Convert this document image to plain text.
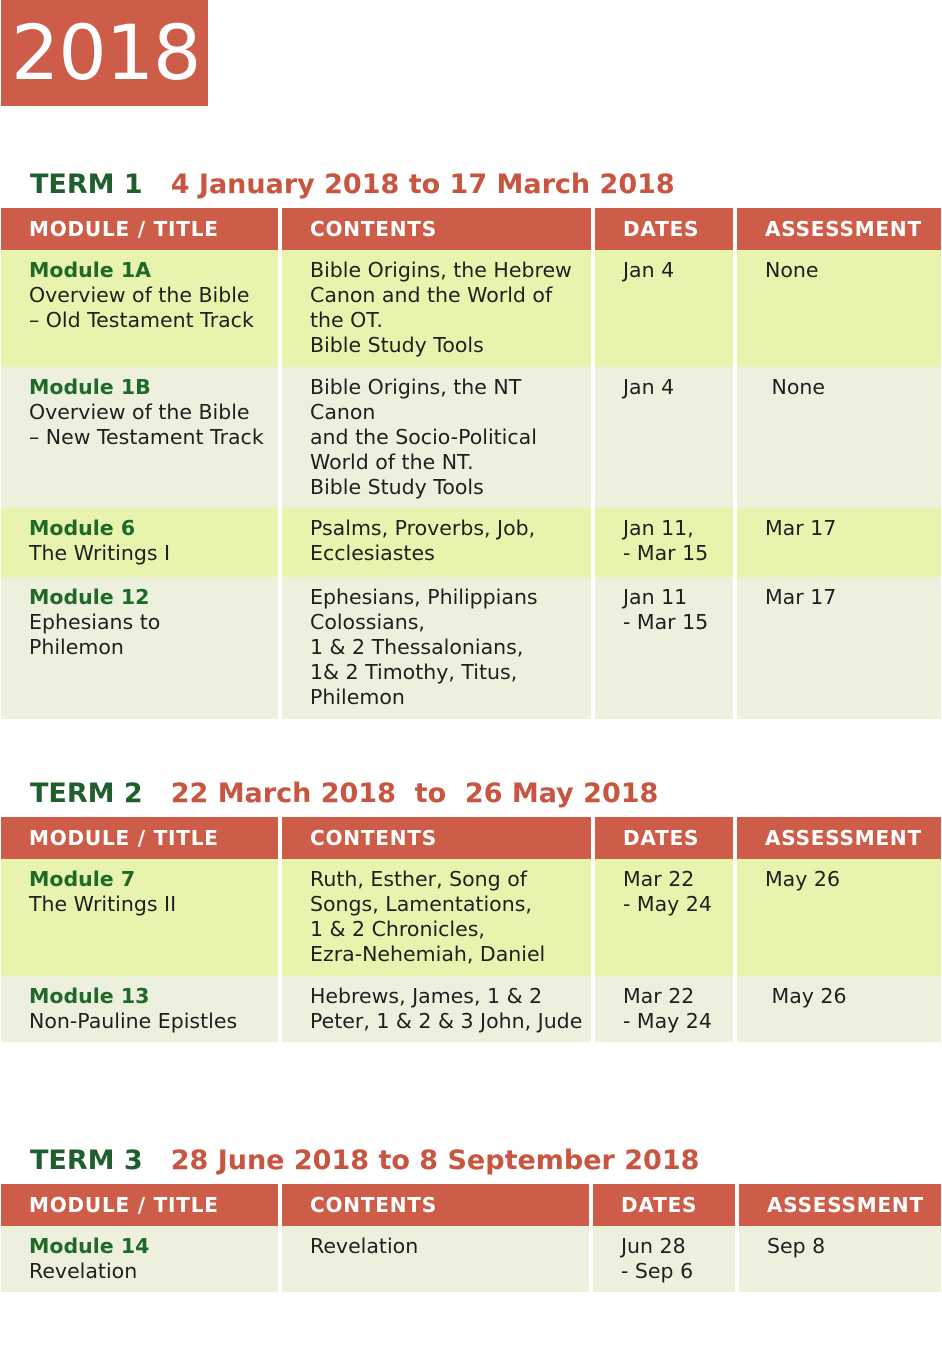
2018
TERM 1 4 January 2018 to 17 March 2018
MODULE / TITLE	CONTENTS	DATES	ASSESSMENT

Module 1A
Overview of the Bible
– Old Testament Track	Bible Origins, the Hebrew
Canon and the World of
the OT.
Bible Study Tools	Jan 4	None

Module 1B
Overview of the Bible
– New Testament Track	Bible Origins, the NT Canon
and the Socio-Political
World of the NT.
Bible Study Tools	Jan 4	None

Module 6
The Writings I	Psalms, Proverbs, Job,
Ecclesiastes	Jan 11,
- Mar 15	Mar 17

Module 12
Ephesians to
Philemon	Ephesians, Philippians
Colossians,
1 & 2 Thessalonians,
1& 2 Timothy, Titus,
Philemon	Jan 11
- Mar 15	Mar 17
TERM 2 22 March 2018  to  26 May 2018
MODULE / TITLE	CONTENTS	DATES	ASSESSMENT

Module 7
The Writings II	Ruth, Esther, Song of
Songs, Lamentations,
1 & 2 Chronicles,
Ezra-Nehemiah, Daniel	Mar 22
- May 24	May 26

Module 13
Non-Pauline Epistles	Hebrews, James, 1 & 2
Peter, 1 & 2 & 3 John, Jude	Mar 22
- May 24	May 26
TERM 3 28 June 2018 to 8 September 2018
MODULE / TITLE	CONTENTS	DATES	ASSESSMENT

Module 14
Revelation	Revelation	Jun 28
- Sep 6	Sep 8
